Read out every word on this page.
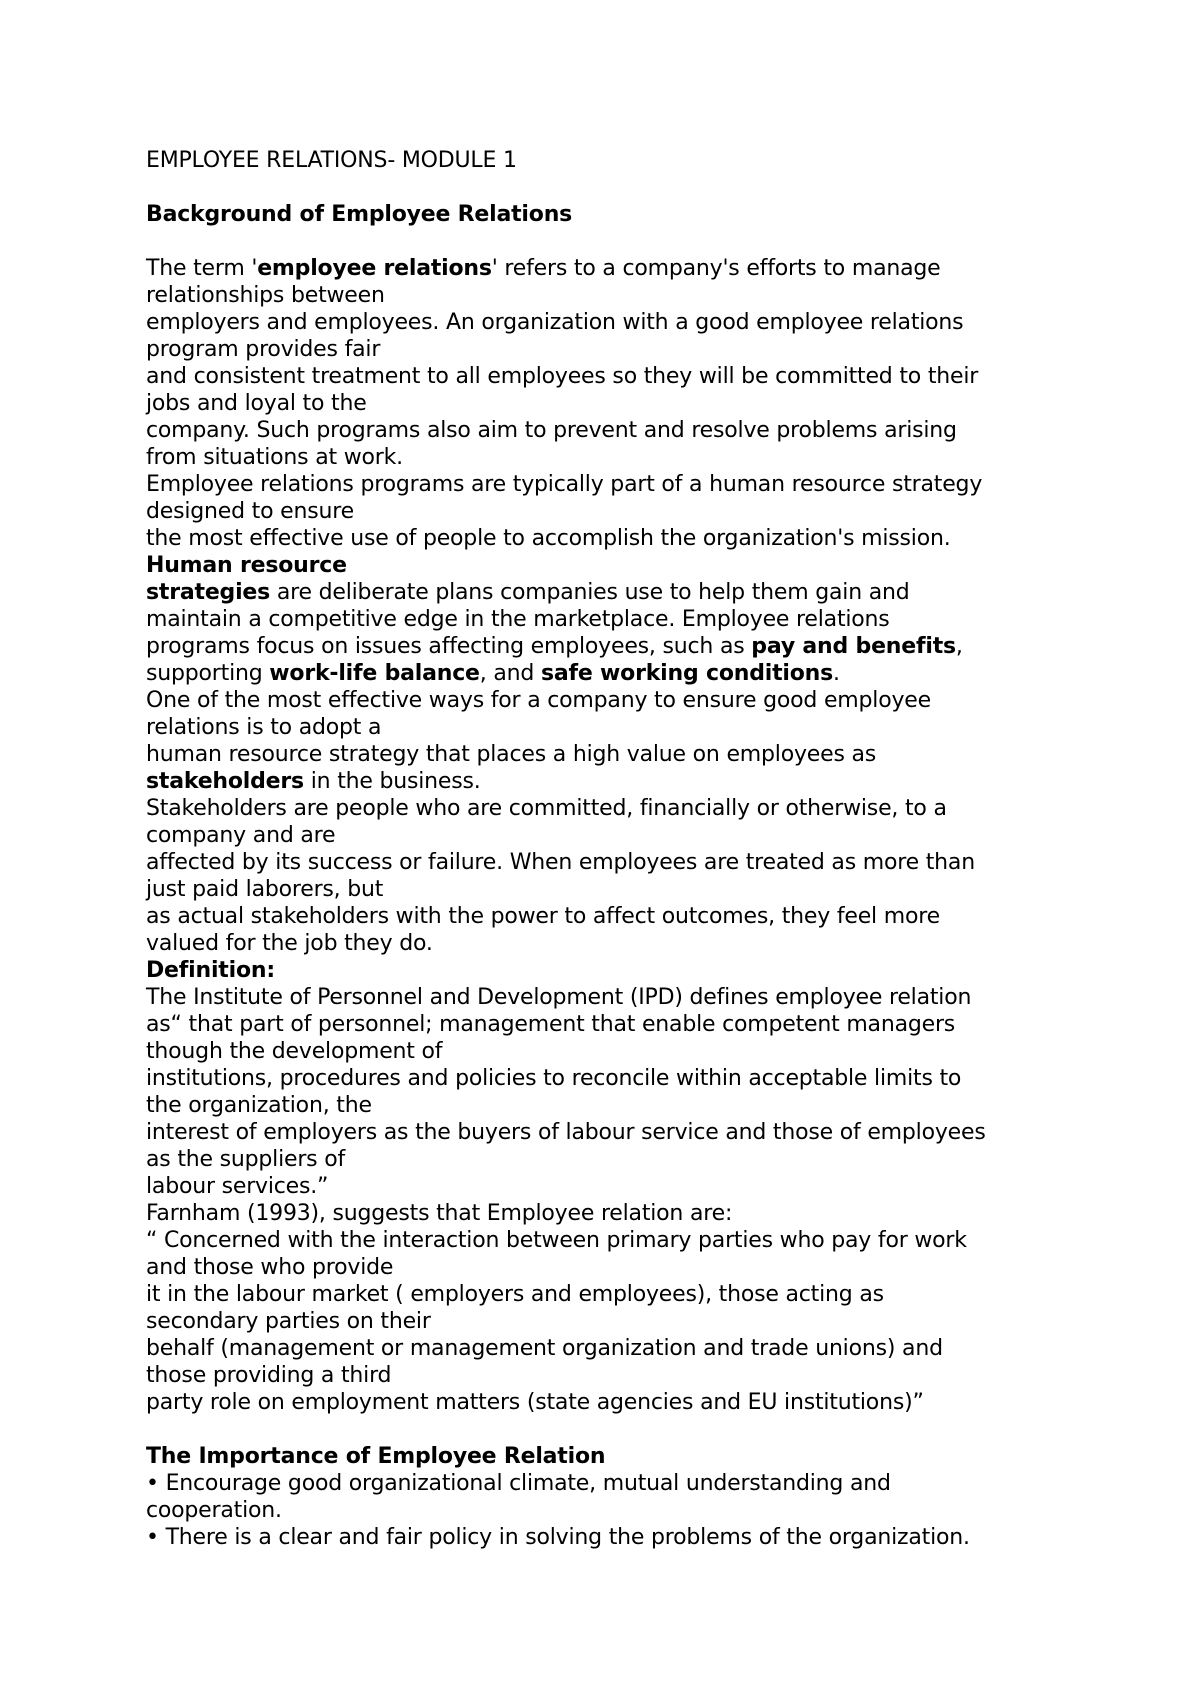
EMPLOYEE RELATIONS- MODULE 1
Background of Employee Relations
The term 'employee relations' refers to a company's efforts to manage
relationships between
employers and employees. An organization with a good employee relations
program provides fair
and consistent treatment to all employees so they will be committed to their
jobs and loyal to the
company. Such programs also aim to prevent and resolve problems arising
from situations at work.
Employee relations programs are typically part of a human resource strategy
designed to ensure
the most effective use of people to accomplish the organization's mission.
Human resource
strategies are deliberate plans companies use to help them gain and
maintain a competitive edge in the marketplace. Employee relations
programs focus on issues affecting employees, such as pay and benefits,
supporting work-life balance, and safe working conditions.
One of the most effective ways for a company to ensure good employee
relations is to adopt a
human resource strategy that places a high value on employees as
stakeholders in the business.
Stakeholders are people who are committed, financially or otherwise, to a
company and are
affected by its success or failure. When employees are treated as more than
just paid laborers, but
as actual stakeholders with the power to affect outcomes, they feel more
valued for the job they do.
Definition:
The Institute of Personnel and Development (IPD) defines employee relation
as“ that part of personnel; management that enable competent managers
though the development of
institutions, procedures and policies to reconcile within acceptable limits to
the organization, the
interest of employers as the buyers of labour service and those of employees
as the suppliers of
labour services.”
Farnham (1993), suggests that Employee relation are:
“ Concerned with the interaction between primary parties who pay for work
and those who provide
it in the labour market ( employers and employees), those acting as
secondary parties on their
behalf (management or management organization and trade unions) and
those providing a third
party role on employment matters (state agencies and EU institutions)”
The Importance of Employee Relation
• Encourage good organizational climate, mutual understanding and
cooperation.
• There is a clear and fair policy in solving the problems of the organization.
